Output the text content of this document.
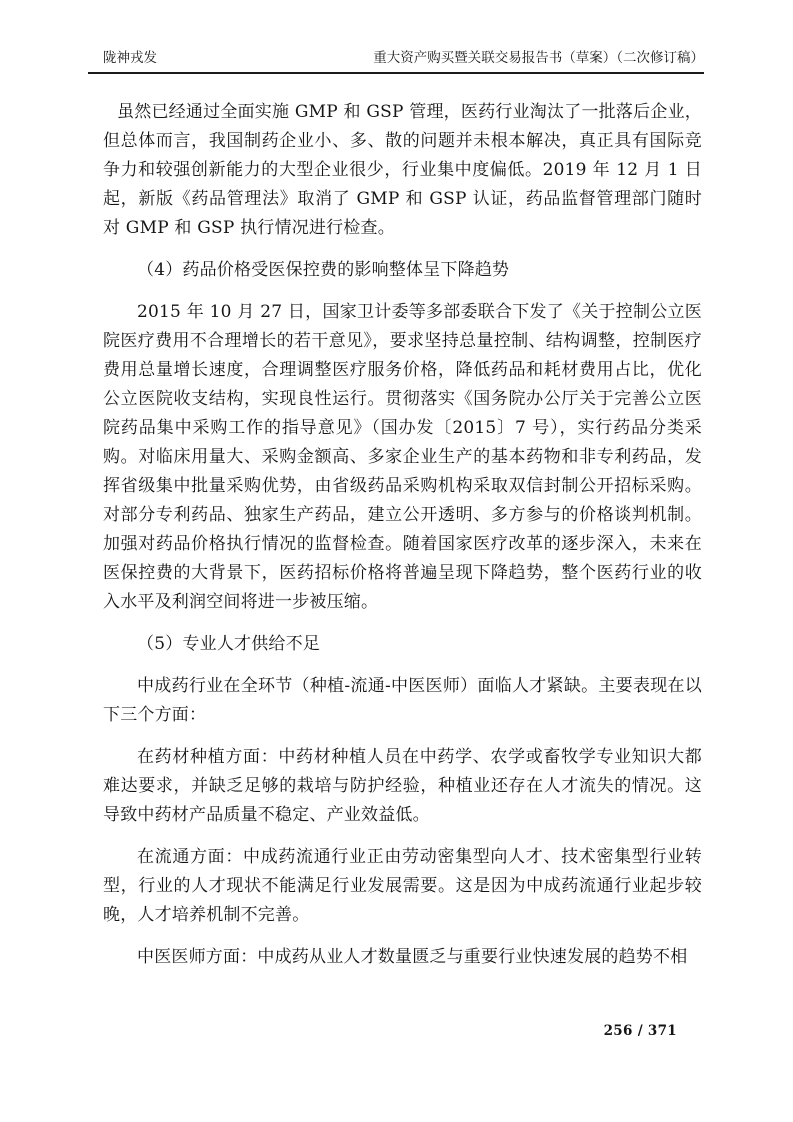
陇神戎发	重大资产购买暨关联交易报告书（草案）（二次修订稿）

虽然已经通过全面实施 GMP 和 GSP 管理，医药行业淘汰了一批落后企业，但总体而言，我国制药企业小、多、散的问题并未根本解决，真正具有国际竞争力和较强创新能力的大型企业很少，行业集中度偏低。2019 年 12 月 1 日起，新版《药品管理法》取消了 GMP 和 GSP 认证，药品监督管理部门随时对 GMP 和 GSP 执行情况进行检查。

（4）药品价格受医保控费的影响整体呈下降趋势

2015 年 10 月 27 日，国家卫计委等多部委联合下发了《关于控制公立医院医疗费用不合理增长的若干意见》，要求坚持总量控制、结构调整，控制医疗费用总量增长速度，合理调整医疗服务价格，降低药品和耗材费用占比，优化公立医院收支结构，实现良性运行。贯彻落实《国务院办公厅关于完善公立医院药品集中采购工作的指导意见》（国办发〔2015〕7 号），实行药品分类采购。对临床用量大、采购金额高、多家企业生产的基本药物和非专利药品，发挥省级集中批量采购优势，由省级药品采购机构采取双信封制公开招标采购。对部分专利药品、独家生产药品，建立公开透明、多方参与的价格谈判机制。加强对药品价格执行情况的监督检查。随着国家医疗改革的逐步深入，未来在医保控费的大背景下，医药招标价格将普遍呈现下降趋势，整个医药行业的收入水平及利润空间将进一步被压缩。

（5）专业人才供给不足

中成药行业在全环节（种植-流通-中医医师）面临人才紧缺。主要表现在以下三个方面：

在药材种植方面：中药材种植人员在中药学、农学或畜牧学专业知识大都难达要求，并缺乏足够的栽培与防护经验，种植业还存在人才流失的情况。这导致中药材产品质量不稳定、产业效益低。

在流通方面：中成药流通行业正由劳动密集型向人才、技术密集型行业转型，行业的人才现状不能满足行业发展需要。这是因为中成药流通行业起步较晚，人才培养机制不完善。

中医医师方面：中成药从业人才数量匮乏与重要行业快速发展的趋势不相

256 / 371
